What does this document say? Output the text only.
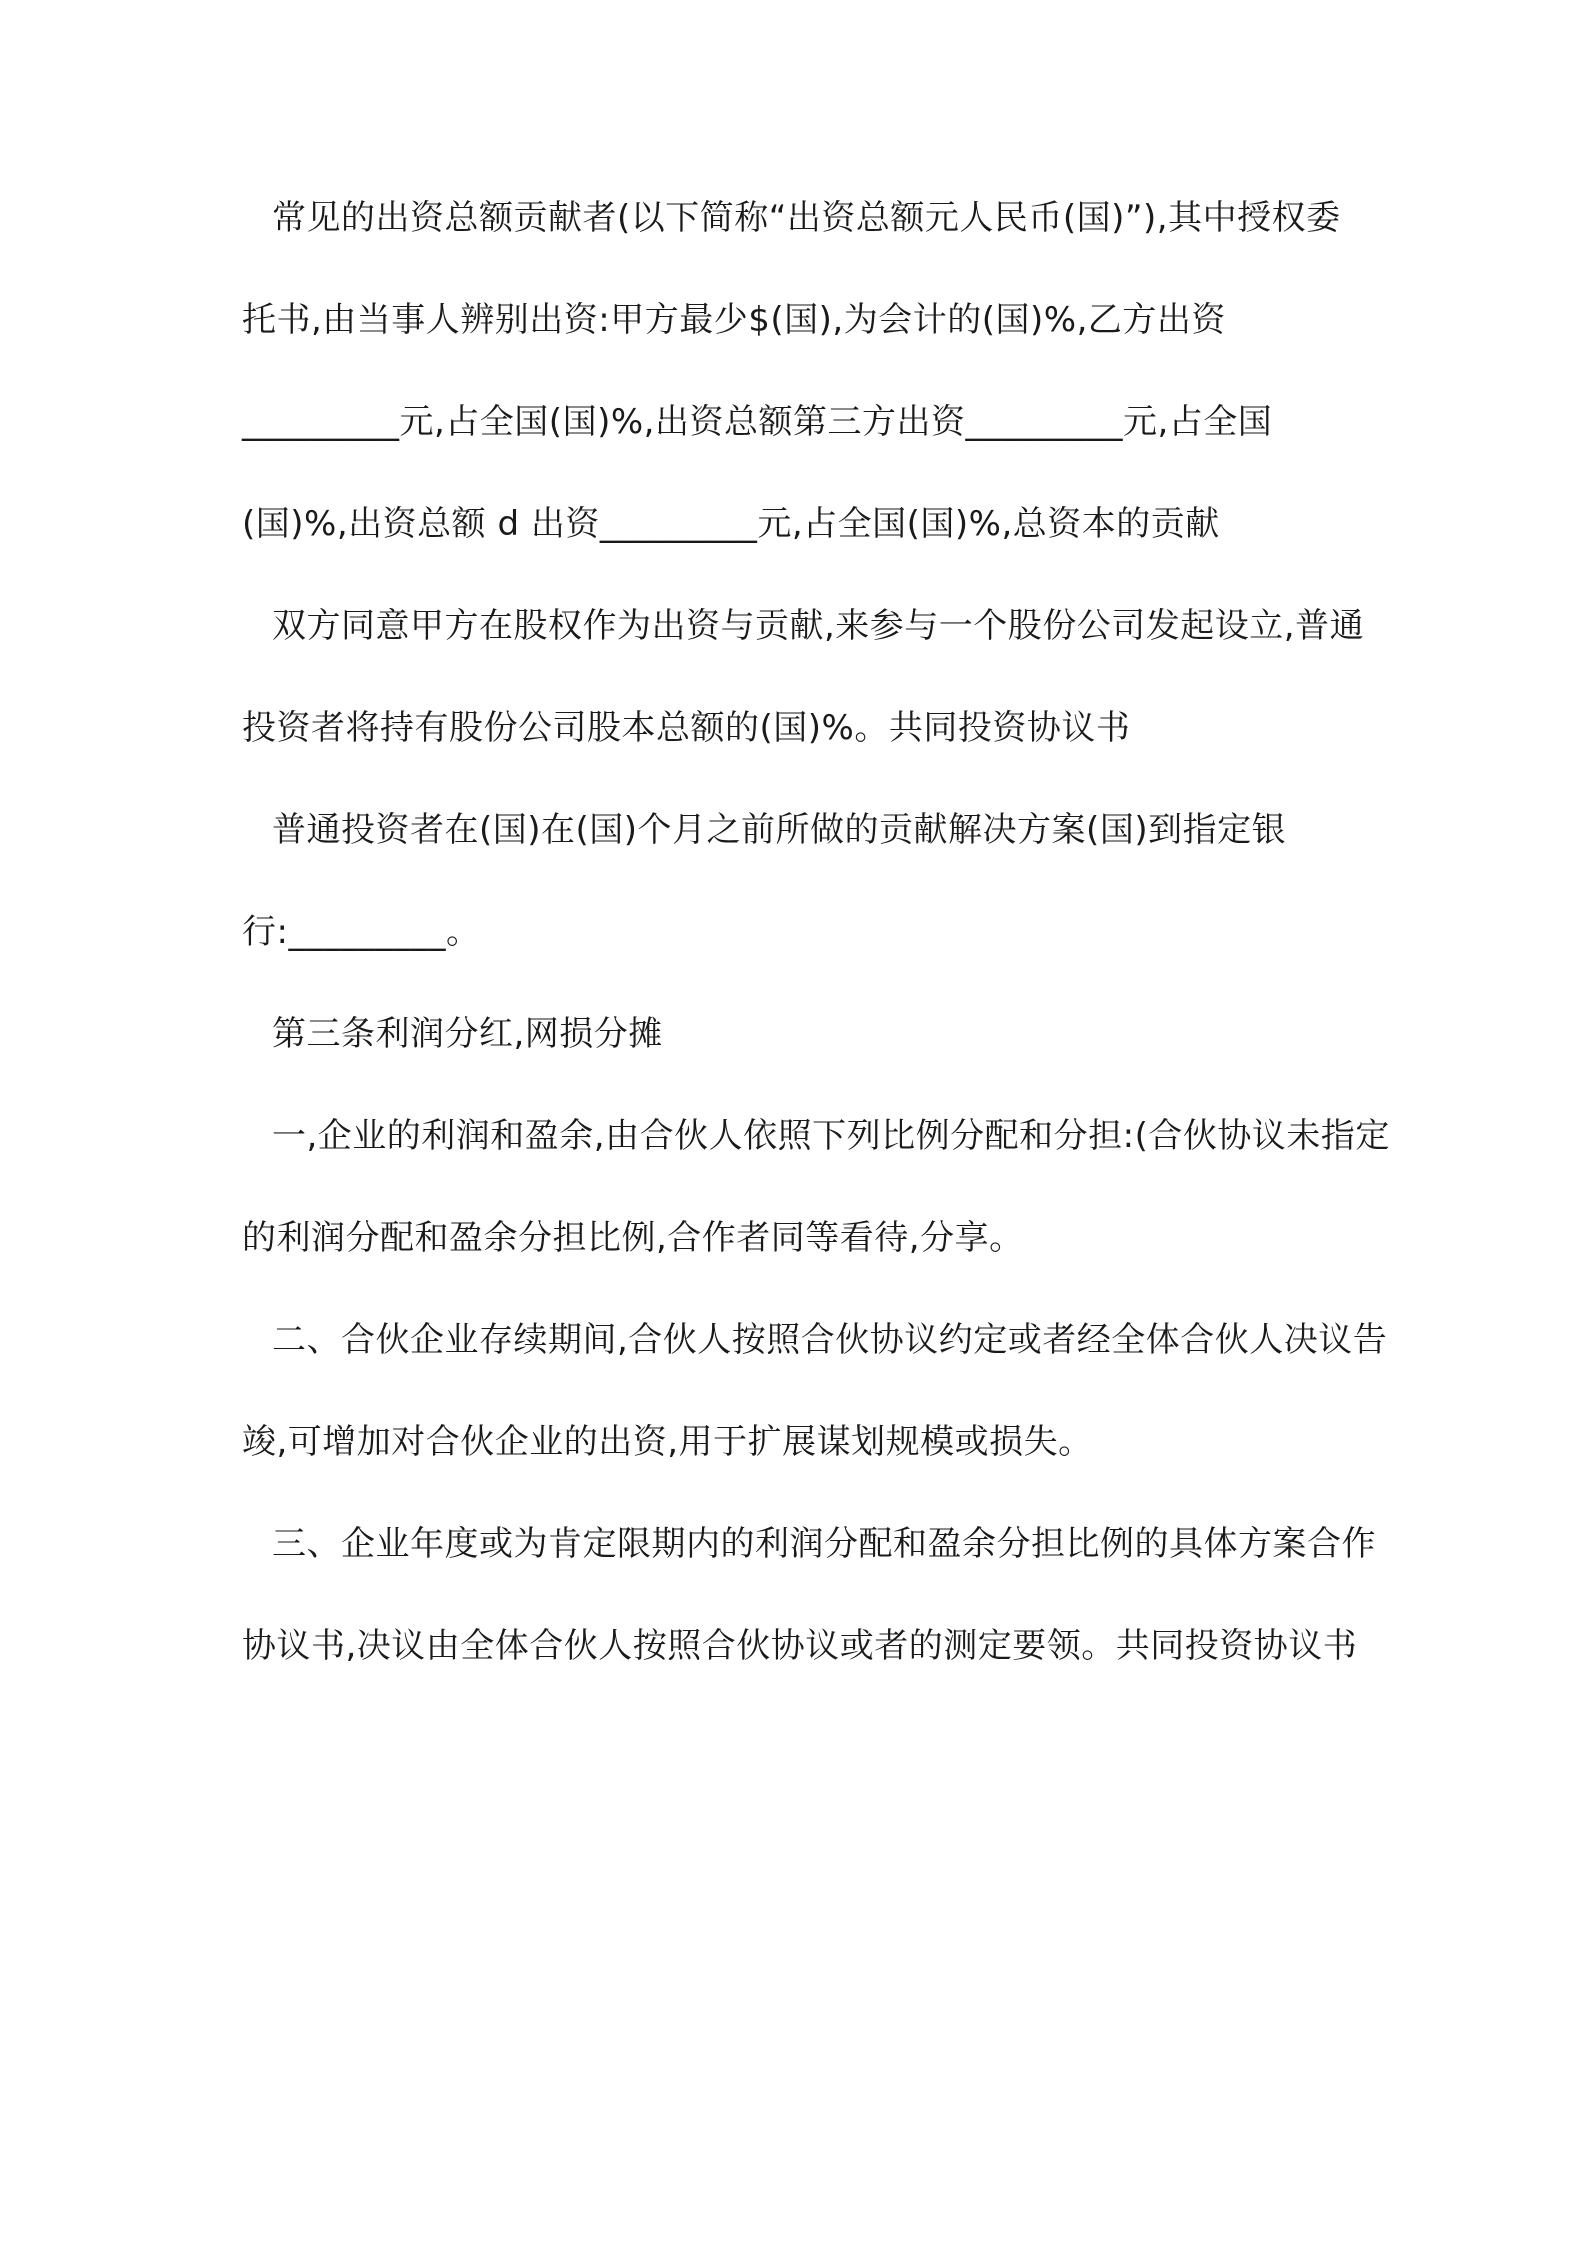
常见的出资总额贡献者(以下简称“出资总额元人民币(国)”),其中授权委
托书,由当事人辨别出资:甲方最少$(国),为会计的(国)%,乙方出资
_________元,占全国(国)%,出资总额第三方出资_________元,占全国
(国)%,出资总额 d 出资_________元,占全国(国)%,总资本的贡献
双方同意甲方在股权作为出资与贡献,来参与一个股份公司发起设立,普通
投资者将持有股份公司股本总额的(国)%。共同投资协议书
普通投资者在(国)在(国)个月之前所做的贡献解决方案(国)到指定银
行:_________。
第三条利润分红,网损分摊
一,企业的利润和盈余,由合伙人依照下列比例分配和分担:(合伙协议未指定
的利润分配和盈余分担比例,合作者同等看待,分享。
二、合伙企业存续期间,合伙人按照合伙协议约定或者经全体合伙人决议告
竣,可增加对合伙企业的出资,用于扩展谋划规模或损失。
三、企业年度或为肯定限期内的利润分配和盈余分担比例的具体方案合作
协议书,决议由全体合伙人按照合伙协议或者的测定要领。共同投资协议书
